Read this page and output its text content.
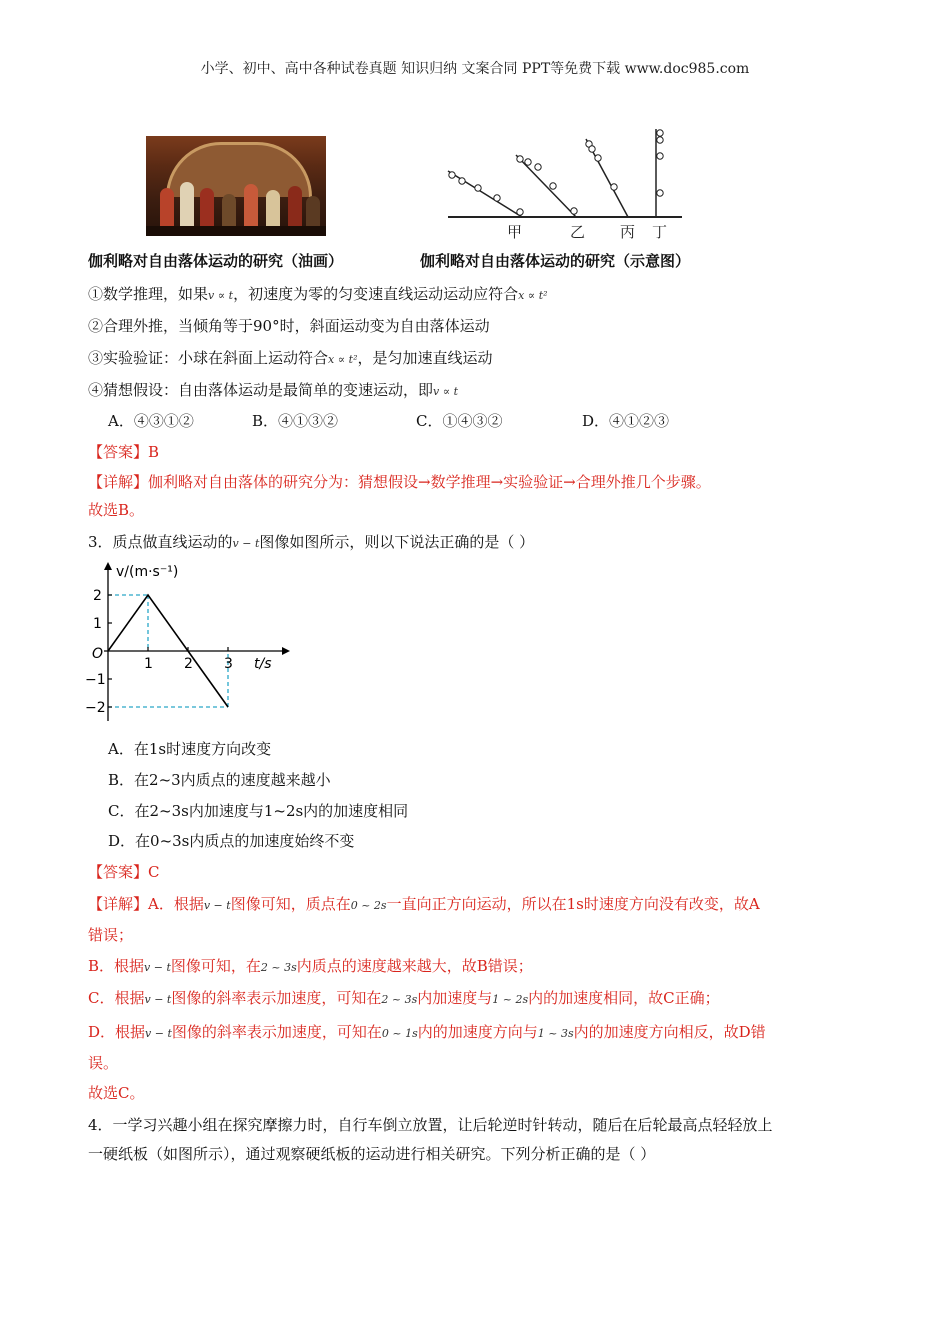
小学、初中、高中各种试卷真题 知识归纳 文案合同 PPT等免费下载 www.doc985.com
甲	乙 丙 丁
伽利略对自由落体运动的研究（油画）	伽利略对自由落体运动的研究（示意图）
①数学推理，如果v ∝ t，初速度为零的匀变速直线运动运动应符合x ∝ t²
②合理外推，当倾角等于90°时，斜面运动变为自由落体运动
③实验验证：小球在斜面上运动符合x ∝ t²，是匀加速直线运动
④猜想假设：自由落体运动是最简单的变速运动，即v ∝ t
A．④③①②	B．④①③②	C．①④③②	D．④①②③
【答案】B
【详解】伽利略对自由落体的研究分为：猜想假设→数学推理→实验验证→合理外推几个步骤。
故选B。
3．质点做直线运动的v − t图像如图所示，则以下说法正确的是（ ）
1 2 3
2
1
−1
−2
v/(m·s⁻¹)
t/s
O
A．在1s时速度方向改变
B．在2~3内质点的速度越来越小
C．在2~3s内加速度与1~2s内的加速度相同
D．在0~3s内质点的加速度始终不变
【答案】C
【详解】A．根据v − t图像可知，质点在0 ~ 2s一直向正方向运动，所以在1s时速度方向没有改变，故A
错误；
B．根据v − t图像可知，在2 ~ 3s内质点的速度越来越大，故B错误；
C．根据v − t图像的斜率表示加速度，可知在2 ~ 3s内加速度与1 ~ 2s内的加速度相同，故C正确；
D．根据v − t图像的斜率表示加速度，可知在0 ~ 1s内的加速度方向与1 ~ 3s内的加速度方向相反，故D错
误。
故选C。
4．一学习兴趣小组在探究摩擦力时，自行车倒立放置，让后轮逆时针转动，随后在后轮最高点轻轻放上
一硬纸板（如图所示），通过观察硬纸板的运动进行相关研究。下列分析正确的是（ ）
